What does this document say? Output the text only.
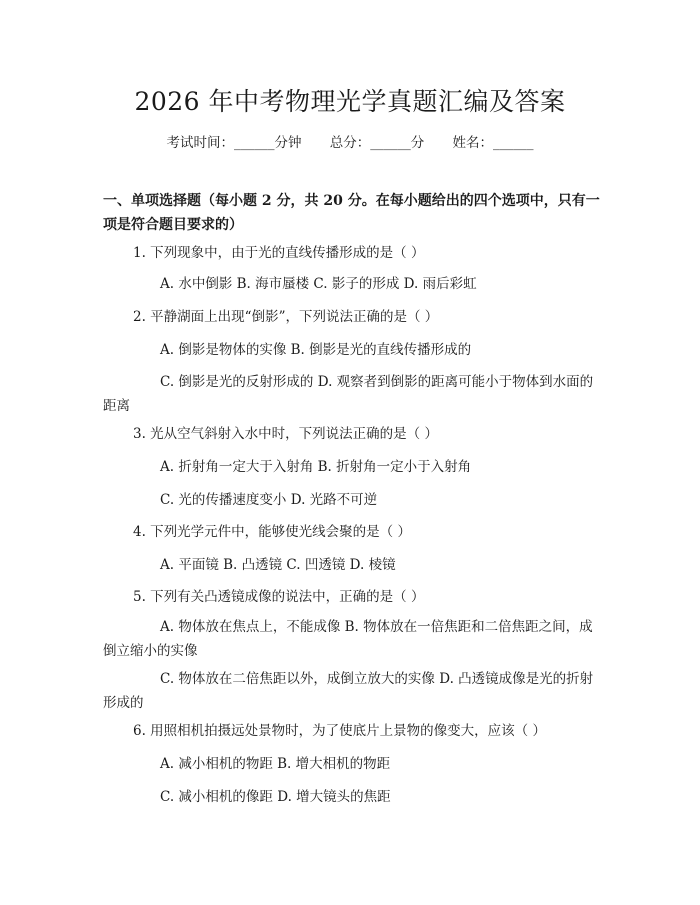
2026 年中考物理光学真题汇编及答案
考试时间：______分钟 总分：______分 姓名：______
一、单项选择题（每小题 2 分，共 20 分。在每小题给出的四个选项中，只有一项是符合题目要求的）
1. 下列现象中，由于光的直线传播形成的是（ ）
A. 水中倒影 B. 海市蜃楼 C. 影子的形成 D. 雨后彩虹
2. 平静湖面上出现“倒影”，下列说法正确的是（ ）
A. 倒影是物体的实像 B. 倒影是光的直线传播形成的
C. 倒影是光的反射形成的 D. 观察者到倒影的距离可能小于物体到水面的距离
3. 光从空气斜射入水中时，下列说法正确的是（ ）
A. 折射角一定大于入射角 B. 折射角一定小于入射角
C. 光的传播速度变小 D. 光路不可逆
4. 下列光学元件中，能够使光线会聚的是（ ）
A. 平面镜 B. 凸透镜 C. 凹透镜 D. 棱镜
5. 下列有关凸透镜成像的说法中，正确的是（ ）
A. 物体放在焦点上，不能成像 B. 物体放在一倍焦距和二倍焦距之间，成倒立缩小的实像
C. 物体放在二倍焦距以外，成倒立放大的实像 D. 凸透镜成像是光的折射形成的
6. 用照相机拍摄远处景物时，为了使底片上景物的像变大，应该（ ）
A. 减小相机的物距 B. 增大相机的物距
C. 减小相机的像距 D. 增大镜头的焦距
